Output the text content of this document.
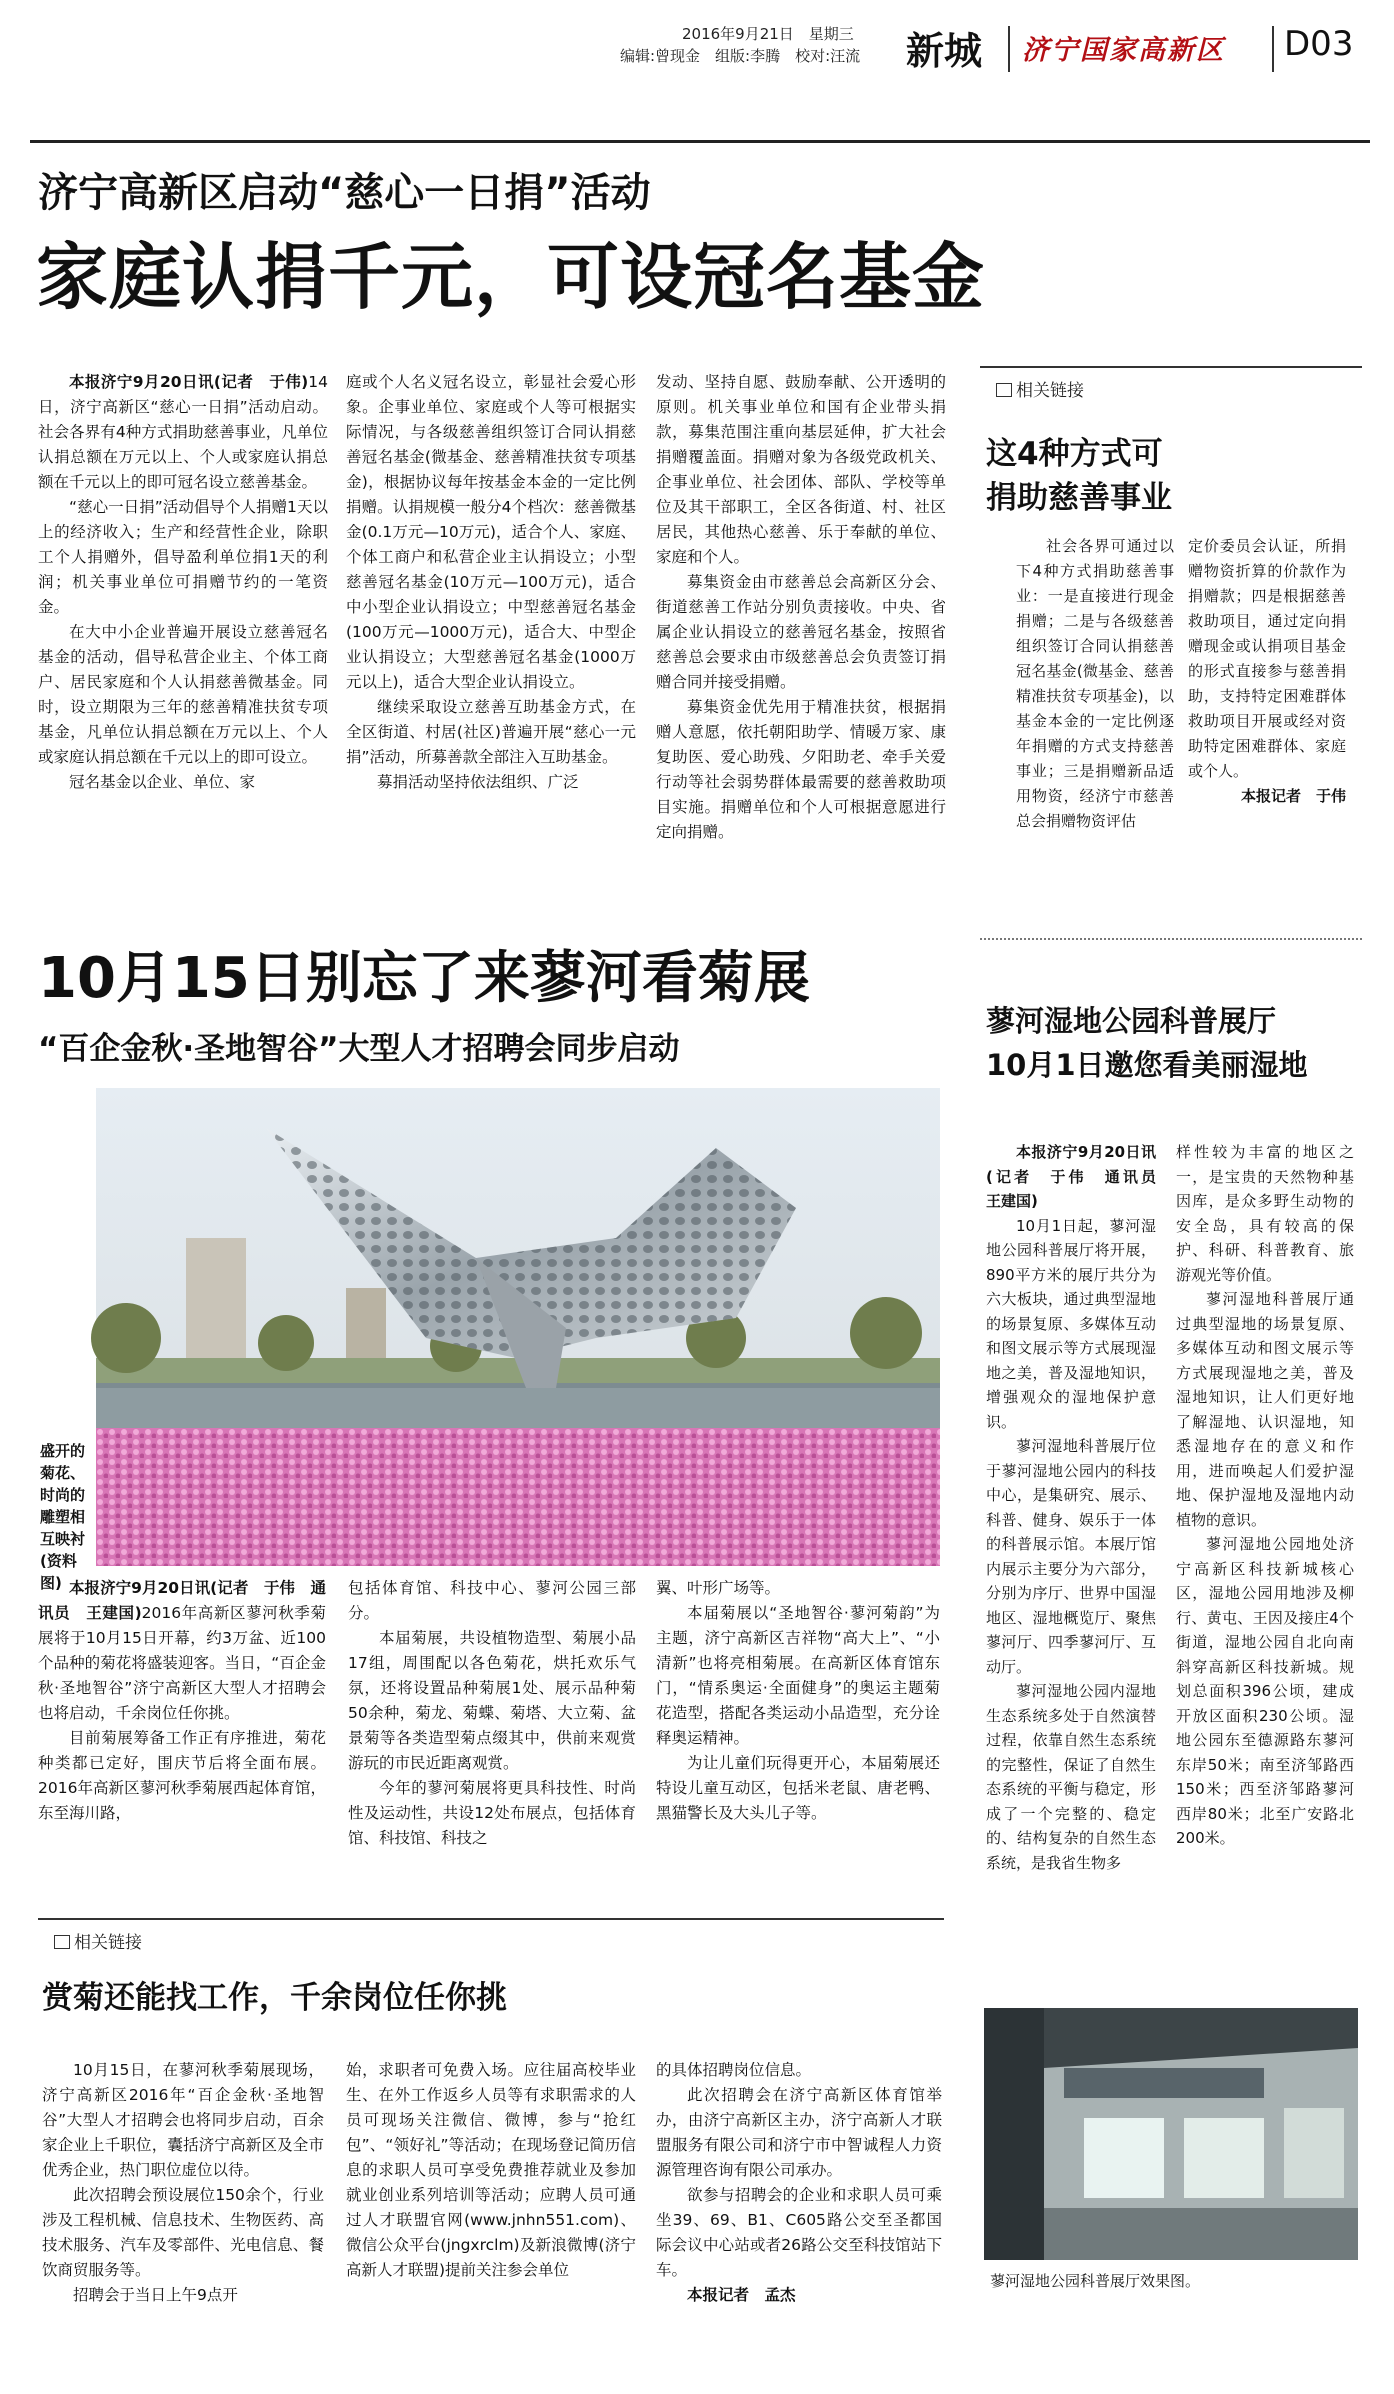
2016年9月21日　星期三
编辑:曾现金　组版:李腾　校对:汪流 新城 济宁国家高新区 D03
济宁高新区启动“慈心一日捐”活动
家庭认捐千元，可设冠名基金

本报济宁9月20日讯(记者　于伟)14日，济宁高新区“慈心一日捐”活动启动。社会各界有4种方式捐助慈善事业，凡单位认捐总额在万元以上、个人或家庭认捐总额在千元以上的即可冠名设立慈善基金。

“慈心一日捐”活动倡导个人捐赠1天以上的经济收入；生产和经营性企业，除职工个人捐赠外，倡导盈利单位捐1天的利润；机关事业单位可捐赠节约的一笔资金。

在大中小企业普遍开展设立慈善冠名基金的活动，倡导私营企业主、个体工商户、居民家庭和个人认捐慈善微基金。同时，设立期限为三年的慈善精准扶贫专项基金，凡单位认捐总额在万元以上、个人或家庭认捐总额在千元以上的即可设立。

冠名基金以企业、单位、家

庭或个人名义冠名设立，彰显社会爱心形象。企事业单位、家庭或个人等可根据实际情况，与各级慈善组织签订合同认捐慈善冠名基金(微基金、慈善精准扶贫专项基金)，根据协议每年按基金本金的一定比例捐赠。认捐规模一般分4个档次：慈善微基金(0.1万元—10万元)，适合个人、家庭、个体工商户和私营企业主认捐设立；小型慈善冠名基金(10万元—100万元)，适合中小型企业认捐设立；中型慈善冠名基金(100万元—1000万元)，适合大、中型企业认捐设立；大型慈善冠名基金(1000万元以上)，适合大型企业认捐设立。

继续采取设立慈善互助基金方式，在全区街道、村居(社区)普遍开展“慈心一元捐”活动，所募善款全部注入互助基金。

募捐活动坚持依法组织、广泛

发动、坚持自愿、鼓励奉献、公开透明的原则。机关事业单位和国有企业带头捐款，募集范围注重向基层延伸，扩大社会捐赠覆盖面。捐赠对象为各级党政机关、企事业单位、社会团体、部队、学校等单位及其干部职工，全区各街道、村、社区居民，其他热心慈善、乐于奉献的单位、家庭和个人。

募集资金由市慈善总会高新区分会、街道慈善工作站分别负责接收。中央、省属企业认捐设立的慈善冠名基金，按照省慈善总会要求由市级慈善总会负责签订捐赠合同并接受捐赠。

募集资金优先用于精准扶贫，根据捐赠人意愿，依托朝阳助学、情暖万家、康复助医、爱心助残、夕阳助老、牵手关爱行动等社会弱势群体最需要的慈善救助项目实施。捐赠单位和个人可根据意愿进行定向捐赠。

相关链接
这4种方式可
捐助慈善事业

社会各界可通过以下4种方式捐助慈善事业：一是直接进行现金捐赠；二是与各级慈善组织签订合同认捐慈善冠名基金(微基金、慈善精准扶贫专项基金)，以基金本金的一定比例逐年捐赠的方式支持慈善事业；三是捐赠新品适用物资，经济宁市慈善总会捐赠物资评估

定价委员会认证，所捐赠物资折算的价款作为捐赠款；四是根据慈善救助项目，通过定向捐赠现金或认捐项目基金的形式直接参与慈善捐助，支持特定困难群体救助项目开展或经对资助特定困难群体、家庭或个人。

本报记者　于伟

10月15日别忘了来蓼河看菊展
“百企金秋·圣地智谷”大型人才招聘会同步启动
盛开的菊花、时尚的雕塑相互映衬(资料图) 本报济宁9月20日讯(记者　于伟　通讯员　王建国)2016年高新区蓼河秋季菊展将于10月15日开幕，约3万盆、近100个品种的菊花将盛装迎客。当日，“百企金秋·圣地智谷”济宁高新区大型人才招聘会也将启动，千余岗位任你挑。

目前菊展筹备工作正有序推进，菊花种类都已定好，围庆节后将全面布展。2016年高新区蓼河秋季菊展西起体育馆，东至海川路，

包括体育馆、科技中心、蓼河公园三部分。

本届菊展，共设植物造型、菊展小品17组，周围配以各色菊花，烘托欢乐气氛，还将设置品种菊展1处、展示品种菊50余种，菊龙、菊蝶、菊塔、大立菊、盆景菊等各类造型菊点缀其中，供前来观赏游玩的市民近距离观赏。

今年的蓼河菊展将更具科技性、时尚性及运动性，共设12处布展点，包括体育馆、科技馆、科技之

翼、叶形广场等。

本届菊展以“圣地智谷·蓼河菊韵”为主题，济宁高新区吉祥物“高大上”、“小清新”也将亮相菊展。在高新区体育馆东门，“情系奥运·全面健身”的奥运主题菊花造型，搭配各类运动小品造型，充分诠释奥运精神。

为让儿童们玩得更开心，本届菊展还特设儿童互动区，包括米老鼠、唐老鸭、黑猫警长及大头儿子等。

蓼河湿地公园科普展厅
10月1日邀您看美丽湿地

本报济宁9月20日讯(记者　于伟　通讯员　王建国)

10月1日起，蓼河湿地公园科普展厅将开展，890平方米的展厅共分为六大板块，通过典型湿地的场景复原、多媒体互动和图文展示等方式展现湿地之美，普及湿地知识，增强观众的湿地保护意识。

蓼河湿地科普展厅位于蓼河湿地公园内的科技中心，是集研究、展示、科普、健身、娱乐于一体的科普展示馆。本展厅馆内展示主要分为六部分，分别为序厅、世界中国湿地区、湿地概览厅、聚焦蓼河厅、四季蓼河厅、互动厅。

蓼河湿地公园内湿地生态系统多处于自然演替过程，依靠自然生态系统的完整性，保证了自然生态系统的平衡与稳定，形成了一个完整的、稳定的、结构复杂的自然生态系统，是我省生物多

样性较为丰富的地区之一，是宝贵的天然物种基因库，是众多野生动物的安全岛，具有较高的保护、科研、科普教育、旅游观光等价值。

蓼河湿地科普展厅通过典型湿地的场景复原、多媒体互动和图文展示等方式展现湿地之美，普及湿地知识，让人们更好地了解湿地、认识湿地，知悉湿地存在的意义和作用，进而唤起人们爱护湿地、保护湿地及湿地内动植物的意识。

蓼河湿地公园地处济宁高新区科技新城核心区，湿地公园用地涉及柳行、黄屯、王因及接庄4个街道，湿地公园自北向南斜穿高新区科技新城。规划总面积396公顷，建成开放区面积230公顷。湿地公园东至德源路东蓼河东岸50米；南至济邹路西150米；西至济邹路蓼河西岸80米；北至广安路北200米。

蓼河湿地公园科普展厅效果图。
相关链接
赏菊还能找工作，千余岗位任你挑

10月15日，在蓼河秋季菊展现场，济宁高新区2016年“百企金秋·圣地智谷”大型人才招聘会也将同步启动，百余家企业上千职位，囊括济宁高新区及全市优秀企业，热门职位虚位以待。

此次招聘会预设展位150余个，行业涉及工程机械、信息技术、生物医药、高技术服务、汽车及零部件、光电信息、餐饮商贸服务等。

招聘会于当日上午9点开

始，求职者可免费入场。应往届高校毕业生、在外工作返乡人员等有求职需求的人员可现场关注微信、微博，参与“抢红包”、“领好礼”等活动；在现场登记简历信息的求职人员可享受免费推荐就业及参加就业创业系列培训等活动；应聘人员可通过人才联盟官网(www.jnhn551.com)、微信公众平台(jngxrclm)及新浪微博(济宁高新人才联盟)提前关注参会单位

的具体招聘岗位信息。

此次招聘会在济宁高新区体育馆举办，由济宁高新区主办，济宁高新人才联盟服务有限公司和济宁市中智诚程人力资源管理咨询有限公司承办。

欲参与招聘会的企业和求职人员可乘坐39、69、B1、C605路公交至圣都国际会议中心站或者26路公交至科技馆站下车。

本报记者　孟杰
